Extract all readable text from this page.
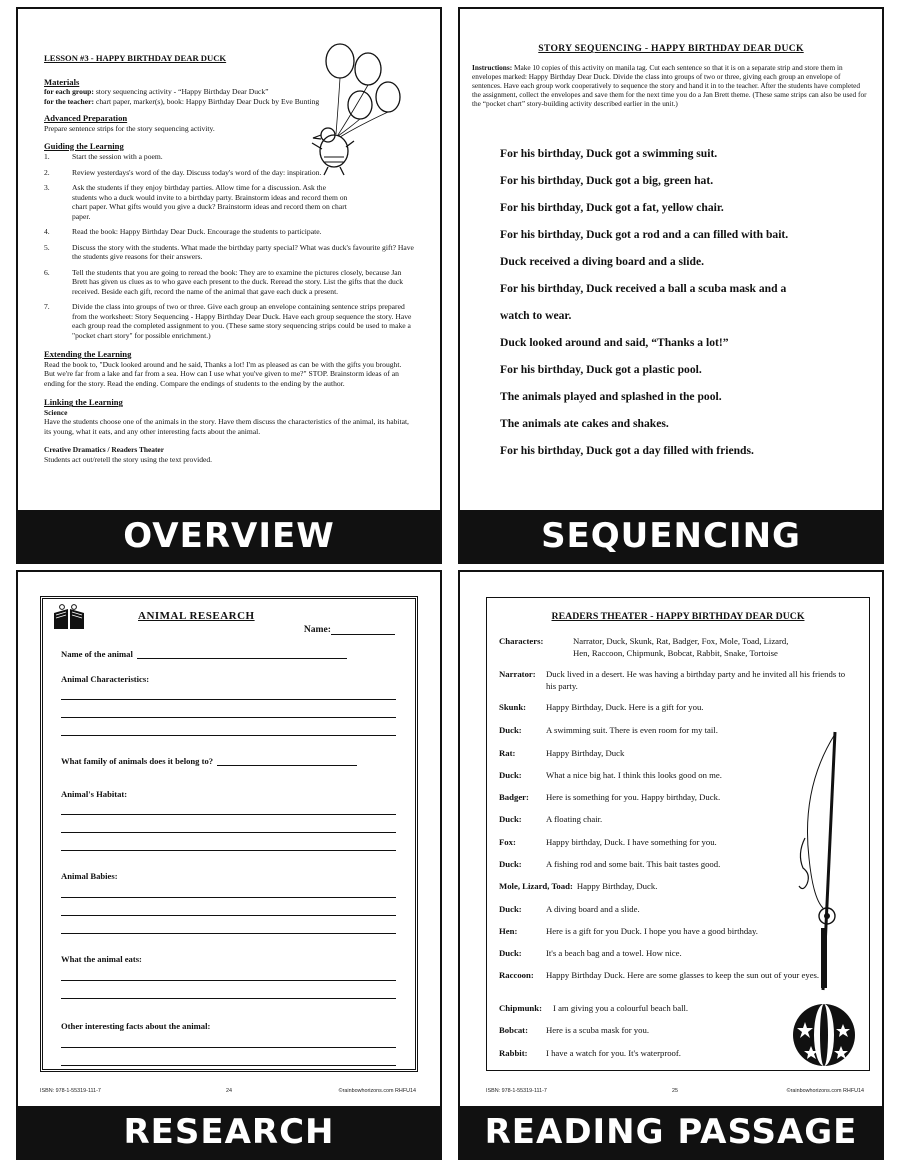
LESSON #3 - HAPPY BIRTHDAY DEAR DUCK
Materials
for each group: story sequencing activity - “Happy Birthday Dear Duck”
for the teacher: chart paper, marker(s), book: Happy Birthday Dear Duck by Eve Bunting
Advanced Preparation

Prepare sentence strips for the story sequencing activity.

Guiding the Learning
1.	Start the session with a poem.
2.	Review yesterdays's word of the day. Discuss today's word of the day: inspiration.
3.	Ask the students if they enjoy birthday parties. Allow time for a discussion. Ask the students who a duck would invite to a birthday party. Brainstorm ideas and record them on chart paper. What gifts would you give a duck? Brainstorm ideas and record them on chart paper.
4.	Read the book: Happy Birthday Dear Duck. Encourage the students to participate.
5.	Discuss the story with the students. What made the birthday party special? What was duck's favourite gift? Have the students give reasons for their answers.
6.	Tell the students that you are going to reread the book: They are to examine the pictures closely, because Jan Brett has given us clues as to who gave each present to the duck. Reread the story. List the gifts that the duck received. Beside each gift, record the name of the animal that gave each duck a present.
7.	Divide the class into groups of two or three. Give each group an envelope containing sentence strips prepared from the worksheet: Story Sequencing - Happy Birthday Dear Duck. Have each group sequence the story. Have each group read the completed assignment to you. (These same story sequencing strips could be used to make a "pocket chart story" for possible enrichment.)
Extending the Learning

Read the book to, "Duck looked around and he said, Thanks a lot! I'm as pleased as can be with the gifts you brought. But we're far from a lake and far from a sea. How can I use what you've given to me?" STOP. Brainstorm ideas of an ending for the story. Read the ending. Compare the endings of students to the ending by the author.

Linking the Learning
Science

Have the students choose one of the animals in the story. Have them discuss the characteristics of the animal, its habitat, its young, what it eats, and any other interesting facts about the animal.

Creative Dramatics / Readers Theater

Students act out/retell the story using the text provided.

OVERVIEW
STORY SEQUENCING - HAPPY BIRTHDAY DEAR DUCK
Instructions: Make 10 copies of this activity on manila tag. Cut each sentence so that it is on a separate strip and store them in envelopes marked: Happy Birthday Dear Duck. Divide the class into groups of two or three, giving each group an envelope of sentences. Have each group work cooperatively to sequence the story and hand it in to the teacher. After the students have completed the assignment, collect the envelopes and save them for the next time you do a Jan Brett theme. (These same strips can also be used for the “pocket chart” story-building activity described earlier in the unit.)
For his birthday, Duck got a swimming suit.
For his birthday, Duck got a big, green hat.
For his birthday, Duck got a fat, yellow chair.
For his birthday, Duck got a rod and a can filled with bait.
Duck received a diving board and a slide.
For his birthday, Duck received a ball a scuba mask and a
watch to wear.
Duck looked around and said, “Thanks a lot!”
For his birthday, Duck got a plastic pool.
The animals played and splashed in the pool.
The animals ate cakes and shakes.
For his birthday, Duck got a day filled with friends.
SEQUENCING
ANIMAL RESEARCH
Name:
Name of the animal
Animal Characteristics:
What family of animals does it belong to?
Animal's Habitat:
Animal Babies:
What the animal eats:
Other interesting facts about the animal:
ISBN: 978-1-55319-111-7	24	©rainbowhorizons.com RHFU14
RESEARCH
READERS THEATER - HAPPY BIRTHDAY DEAR DUCK
Characters:	Narrator, Duck, Skunk, Rat, Badger, Fox, Mole, Toad, Lizard, Hen, Raccoon, Chipmunk, Bobcat, Rabbit, Snake, Tortoise
Narrator:	Duck lived in a desert. He was having a birthday party and he invited all his friends to his party.
Skunk:	Happy Birthday, Duck. Here is a gift for you.
Duck:	A swimming suit. There is even room for my tail.
Rat:	Happy Birthday, Duck
Duck:	What a nice big hat. I think this looks good on me.
Badger:	Here is something for you. Happy birthday, Duck.
Duck:	A floating chair.
Fox:	Happy birthday, Duck. I have something for you.
Duck:	A fishing rod and some bait. This bait tastes good.
Mole, Lizard, Toad: Happy Birthday, Duck.
Duck:	A diving board and a slide.
Hen:	Here is a gift for you Duck. I hope you have a good birthday.
Duck:	It's a beach bag and a towel. How nice.
Raccoon:	Happy Birthday Duck. Here are some glasses to keep the sun out of your eyes.
Chipmunk:	I am giving you a colourful beach ball.
Bobcat:	Here is a scuba mask for you.
Rabbit:	I have a watch for you. It's waterproof.
ISBN: 978-1-55319-111-7	25	©rainbowhorizons.com RHFU14
READING PASSAGE
